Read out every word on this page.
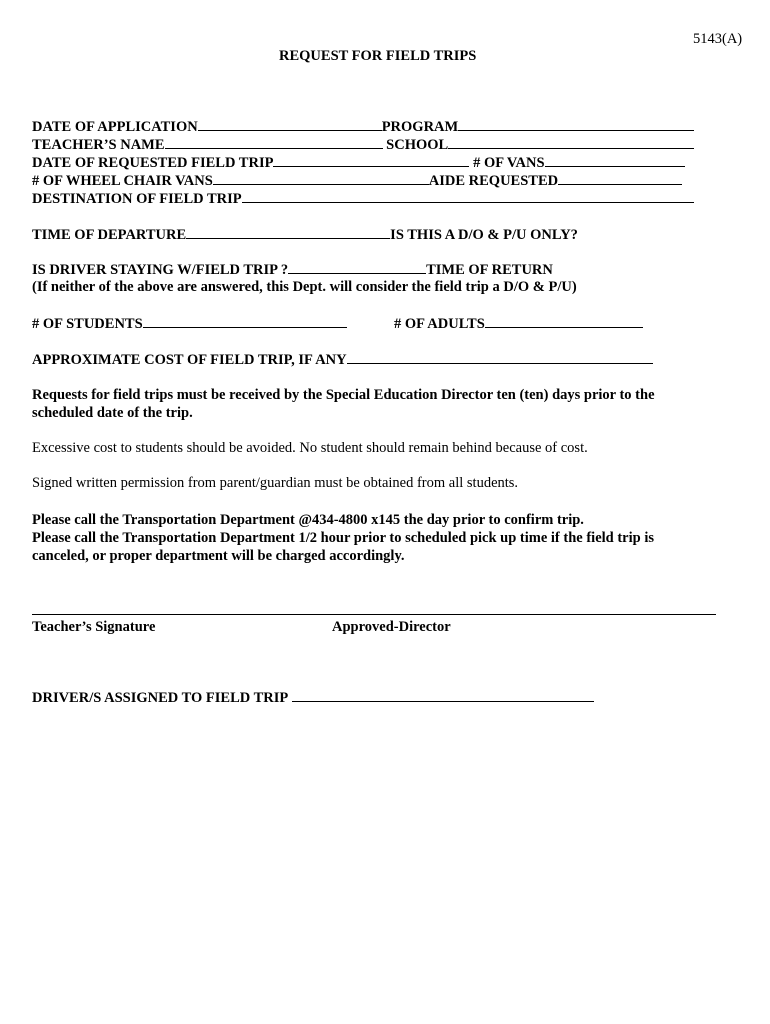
5143(A)
REQUEST FOR FIELD TRIPS
DATE OF APPLICATION	PROGRAM
TEACHER’S NAME	SCHOOL
DATE OF REQUESTED FIELD TRIP	# OF VANS
# OF WHEEL CHAIR VANS	AIDE REQUESTED
DESTINATION OF FIELD TRIP
TIME OF DEPARTURE	IS THIS A D/O & P/U ONLY?
IS DRIVER STAYING W/FIELD TRIP ?	TIME OF RETURN
(If neither of the above are answered, this Dept. will consider the field trip a D/O & P/U)
# OF STUDENTS	# OF ADULTS
APPROXIMATE COST OF FIELD TRIP, IF ANY
Requests for field trips must be received by the Special Education Director ten (ten) days prior to the
scheduled date of the trip.
Excessive cost to students should be avoided. No student should remain behind because of cost.
Signed written permission from parent/guardian must be obtained from all students.
Please call the Transportation Department @434-4800 x145 the day prior to confirm trip.
Please call the Transportation Department 1/2 hour prior to scheduled pick up time if the field trip is
canceled, or proper department will be charged accordingly.
Teacher’s Signature	Approved-Director
DRIVER/S ASSIGNED TO FIELD TRIP
